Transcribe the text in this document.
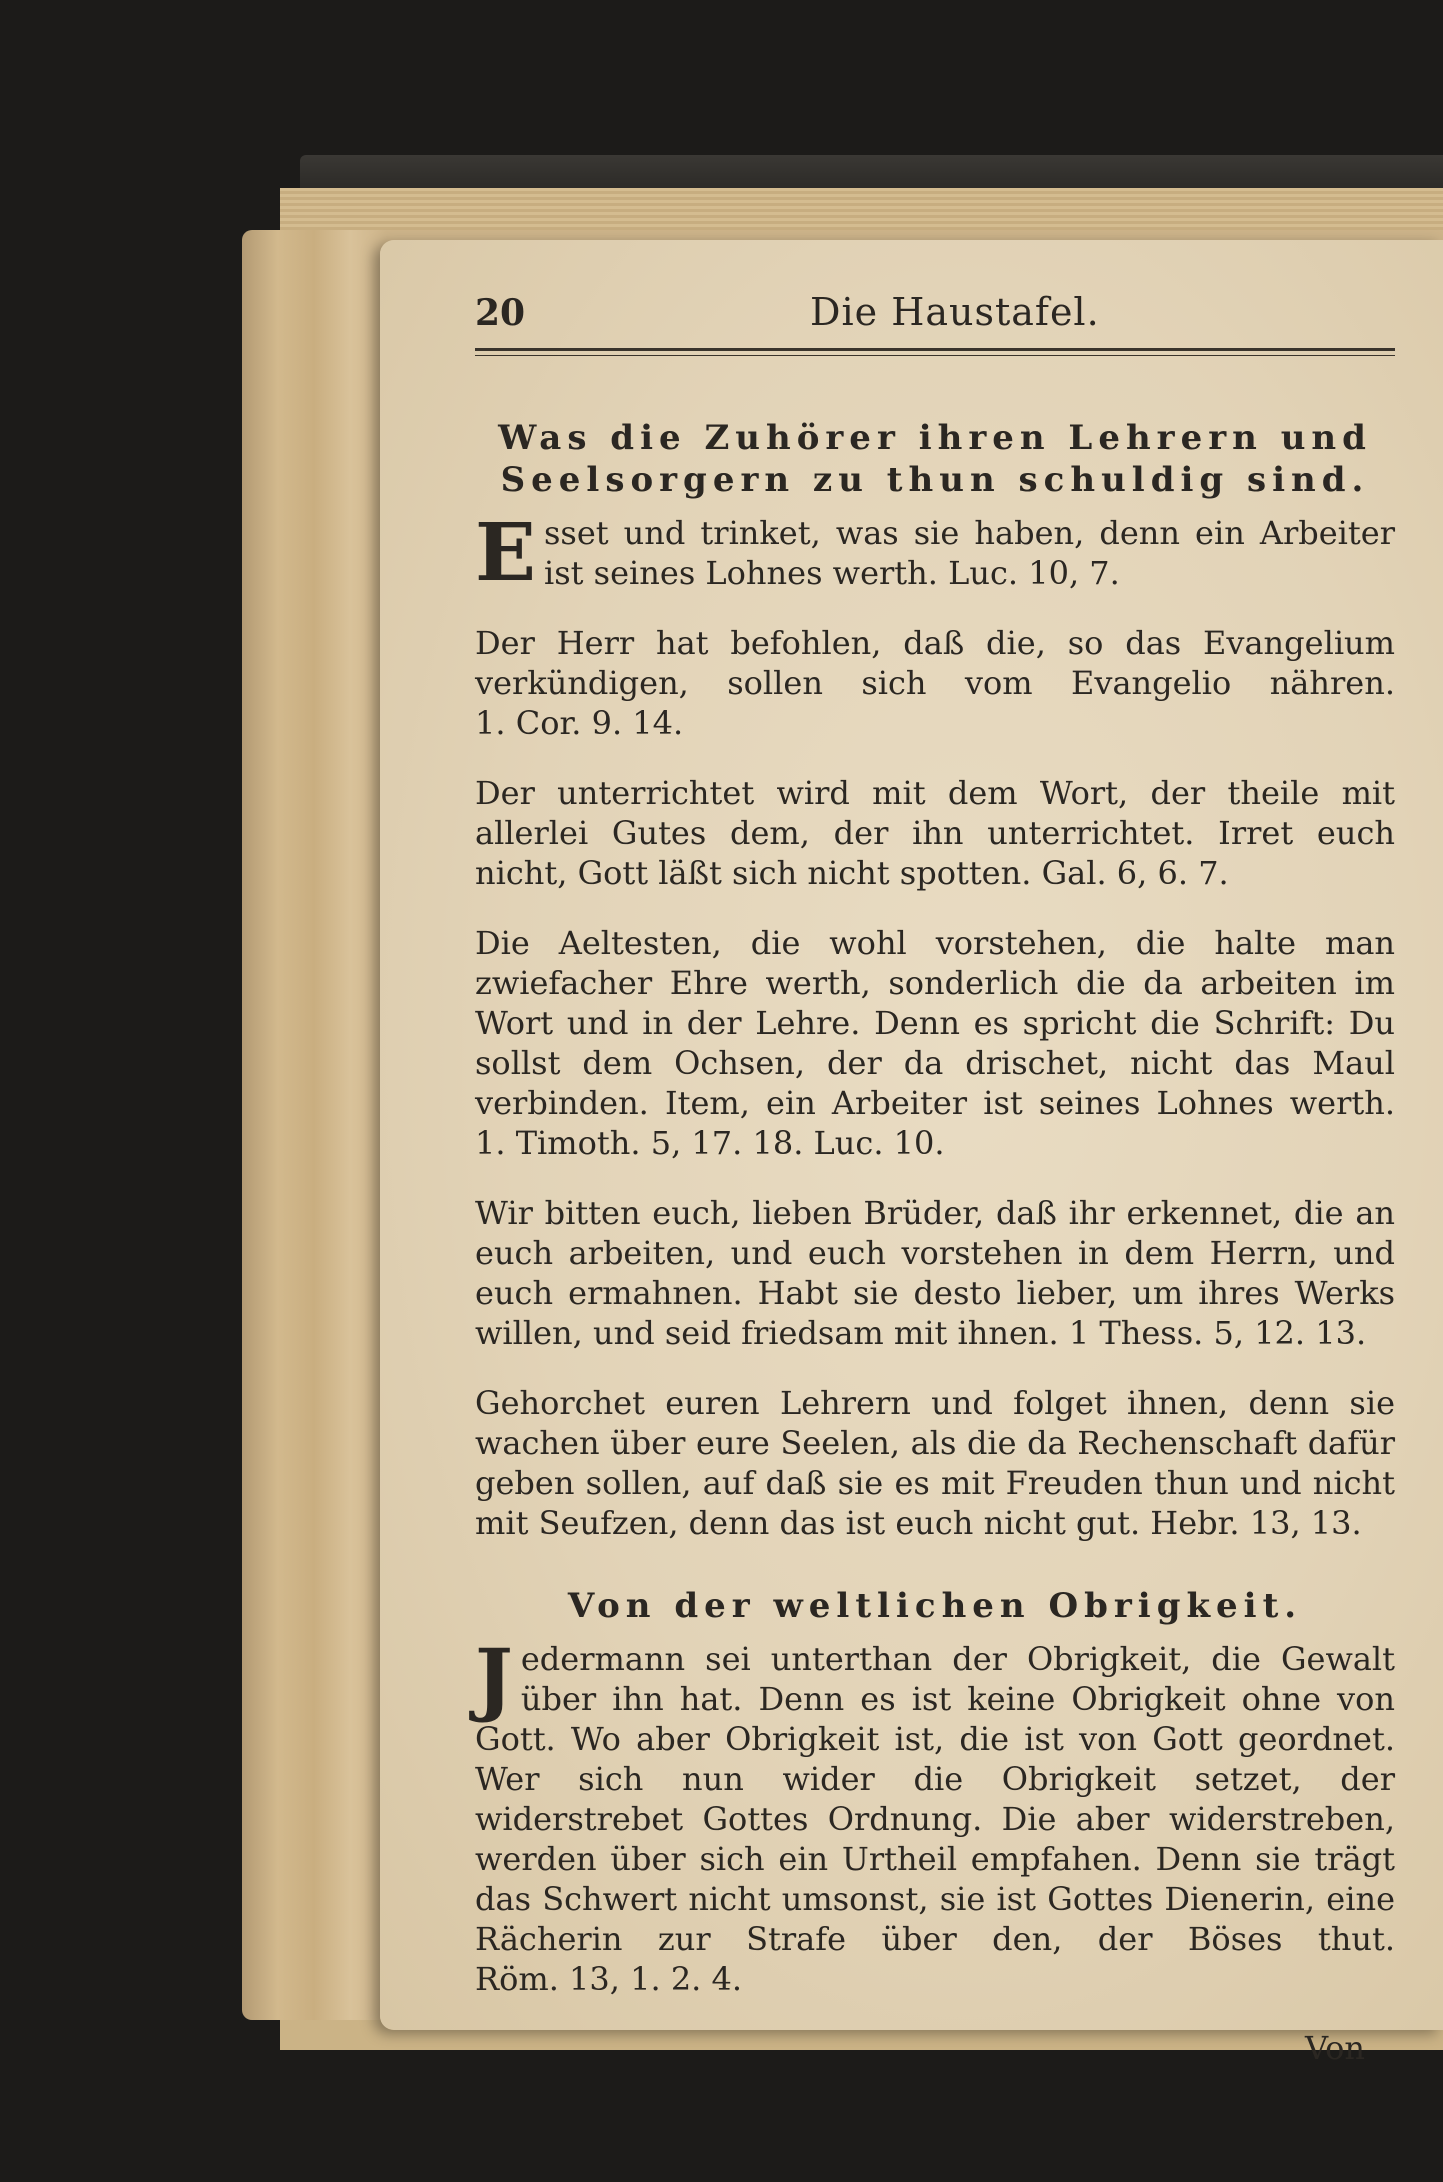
20	Die Haustafel.
Was die Zuhörer ihren Lehrern und Seelsorgern zu thun schuldig sind.

Esset und trinket, was sie haben, denn ein Arbeiter ist seines Lohnes werth. Luc. 10, 7.

Der Herr hat befohlen, daß die, so das Evangelium verkündigen, sollen sich vom Evangelio nähren. 1. Cor. 9. 14.

Der unterrichtet wird mit dem Wort, der theile mit allerlei Gutes dem, der ihn unterrichtet. Irret euch nicht, Gott läßt sich nicht spotten. Gal. 6, 6. 7.

Die Aeltesten, die wohl vorstehen, die halte man zwiefacher Ehre werth, sonderlich die da arbeiten im Wort und in der Lehre. Denn es spricht die Schrift: Du sollst dem Ochsen, der da drischet, nicht das Maul verbinden. Item, ein Arbeiter ist seines Lohnes werth. 1. Timoth. 5, 17. 18. Luc. 10.

Wir bitten euch, lieben Brüder, daß ihr erkennet, die an euch arbeiten, und euch vorstehen in dem Herrn, und euch ermahnen. Habt sie desto lieber, um ihres Werks willen, und seid friedsam mit ihnen. 1 Thess. 5, 12. 13.

Gehorchet euren Lehrern und folget ihnen, denn sie wachen über eure Seelen, als die da Rechenschaft dafür geben sollen, auf daß sie es mit Freuden thun und nicht mit Seufzen, denn das ist euch nicht gut. Hebr. 13, 13.

Von der weltlichen Obrigkeit.

Jedermann sei unterthan der Obrigkeit, die Gewalt über ihn hat. Denn es ist keine Obrigkeit ohne von Gott. Wo aber Obrigkeit ist, die ist von Gott geordnet. Wer sich nun wider die Obrigkeit setzet, der widerstrebet Gottes Ordnung. Die aber widerstreben, werden über sich ein Urtheil empfahen. Denn sie trägt das Schwert nicht umsonst, sie ist Gottes Dienerin, eine Rächerin zur Strafe über den, der Böses thut. Röm. 13, 1. 2. 4.

Von
